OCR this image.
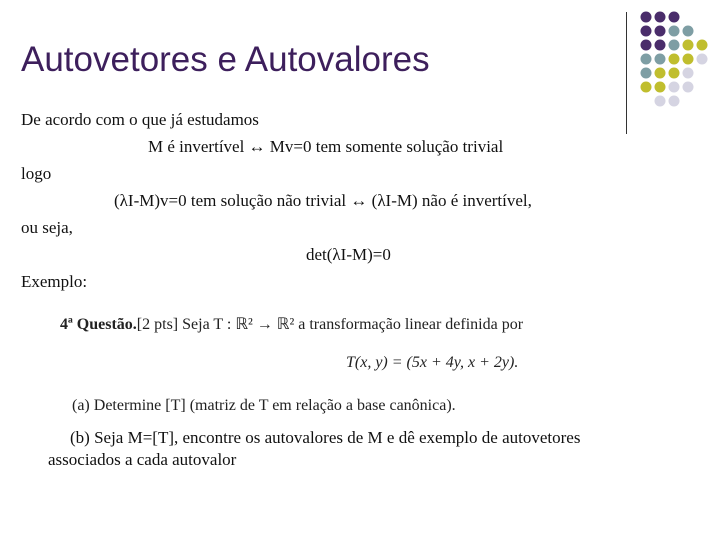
Autovetores e Autovalores
De acordo com o que já estudamos
M é invertível ↔ Mv=0 tem somente solução trivial
logo
(λI-M)v=0 tem solução não trivial ↔ (λI-M) não é invertível,
ou seja,
det(λI-M)=0
Exemplo:
4ª Questão.[2 pts] Seja T : ℝ² → ℝ² a transformação linear definida por
T(x, y) = (5x + 4y, x + 2y).
(a) Determine [T] (matriz de T em relação a base canônica).
(b) Seja M=[T], encontre os autovalores de M e dê exemplo de autovetores
associados a cada autovalor
